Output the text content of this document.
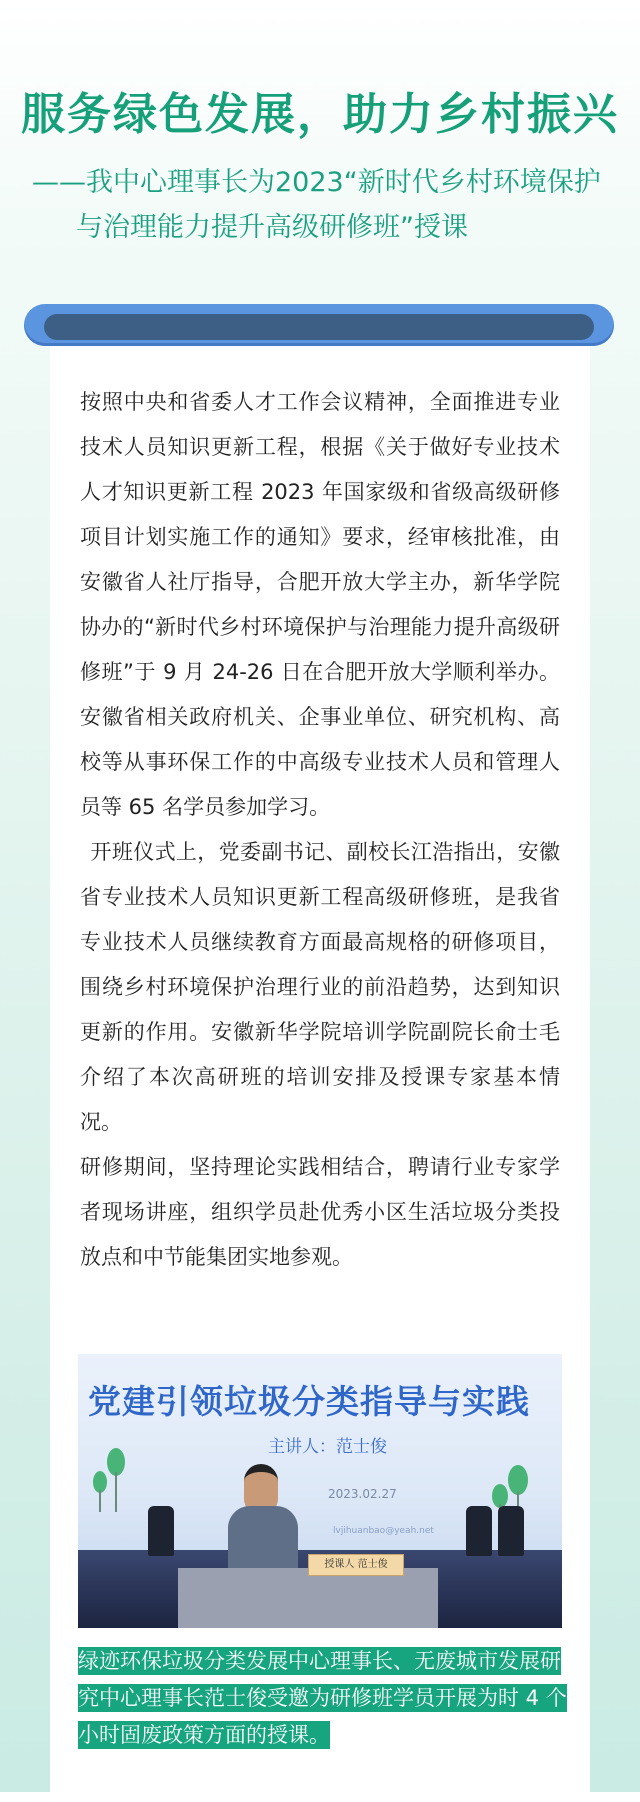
服务绿色发展，助力乡村振兴
——我中心理事长为2023“新时代乡村环境保护
与治理能力提升高级研修班”授课

按照中央和省委人才工作会议精神，全面推进专业技术人员知识更新工程，根据《关于做好专业技术人才知识更新工程 2023 年国家级和省级高级研修项目计划实施工作的通知》要求，经审核批准，由安徽省人社厅指导，合肥开放大学主办，新华学院协办的“新时代乡村环境保护与治理能力提升高级研修班”于 9 月 24-26 日在合肥开放大学顺利举办。安徽省相关政府机关、企事业单位、研究机构、高校等从事环保工作的中高级专业技术人员和管理人员等 65 名学员参加学习。

开班仪式上，党委副书记、副校长江浩指出，安徽省专业技术人员知识更新工程高级研修班，是我省专业技术人员继续教育方面最高规格的研修项目，围绕乡村环境保护治理行业的前沿趋势，达到知识更新的作用。安徽新华学院培训学院副院长俞士毛介绍了本次高研班的培训安排及授课专家基本情况。

研修期间，坚持理论实践相结合，聘请行业专家学者现场讲座，组织学员赴优秀小区生活垃圾分类投放点和中节能集团实地参观。

党建引领垃圾分类指导与实践
主讲人：范士俊
2023.02.27
lvjihuanbao@yeah.net
授课人 范士俊

绿迹环保垃圾分类发展中心理事长、无废城市发展研究中心理事长范士俊受邀为研修班学员开展为时 4 个小时固废政策方面的授课。
